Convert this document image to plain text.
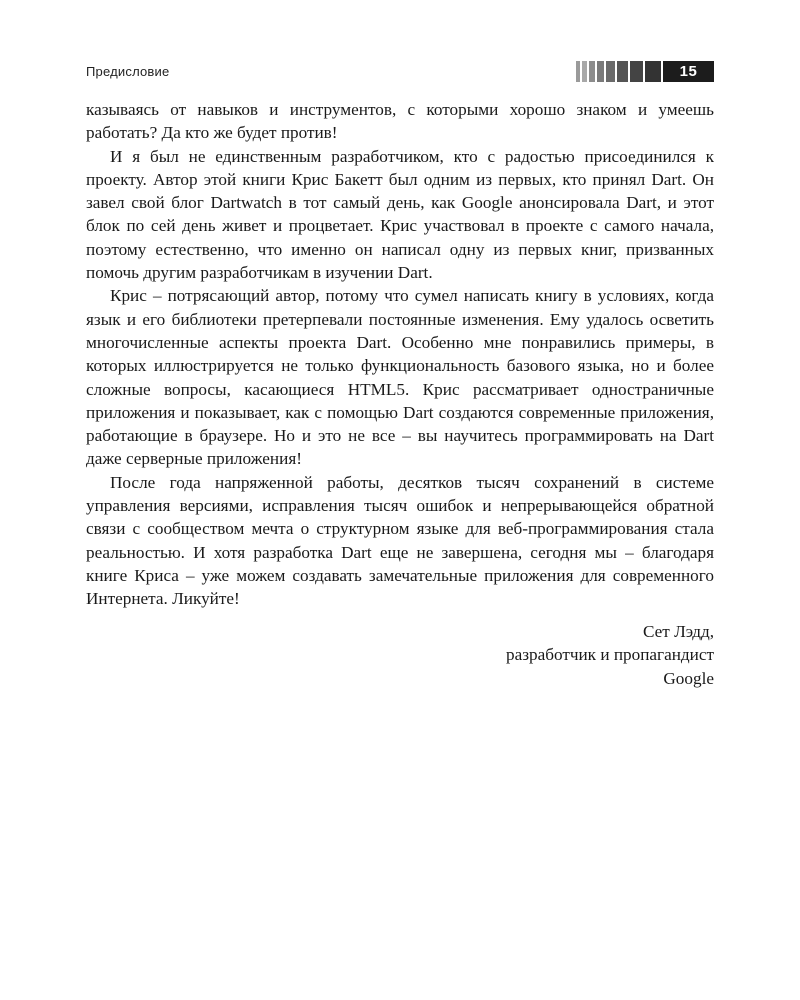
Предисловие	15

казываясь от навыков и инструментов, с которыми хорошо знаком и умеешь работать? Да кто же будет против!

И я был не единственным разработчиком, кто с радостью присоединился к проекту. Автор этой книги Крис Бакетт был одним из первых, кто принял Dart. Он завел свой блог Dartwatch в тот самый день, как Google анонсировала Dart, и этот блок по сей день живет и процветает. Крис участвовал в проекте с самого начала, поэтому естественно, что именно он написал одну из первых книг, призванных помочь другим разработчикам в изучении Dart.

Крис – потрясающий автор, потому что сумел написать книгу в условиях, когда язык и его библиотеки претерпевали постоянные изменения. Ему удалось осветить многочисленные аспекты проекта Dart. Особенно мне понравились примеры, в которых иллюстрируется не только функциональность базового языка, но и более сложные вопросы, касающиеся HTML5. Крис рассматривает одностраничные приложения и показывает, как с помощью Dart создаются современные приложения, работающие в браузере. Но и это не все – вы научитесь программировать на Dart даже серверные приложения!

После года напряженной работы, десятков тысяч сохранений в системе управления версиями, исправления тысяч ошибок и непрерывающейся обратной связи с сообществом мечта о структурном языке для веб-программирования стала реальностью. И хотя разработка Dart еще не завершена, сегодня мы – благодаря книге Криса – уже можем создавать замечательные приложения для современного Интернета. Ликуйте!

Сет Лэдд,
разработчик и пропагандист
Google
